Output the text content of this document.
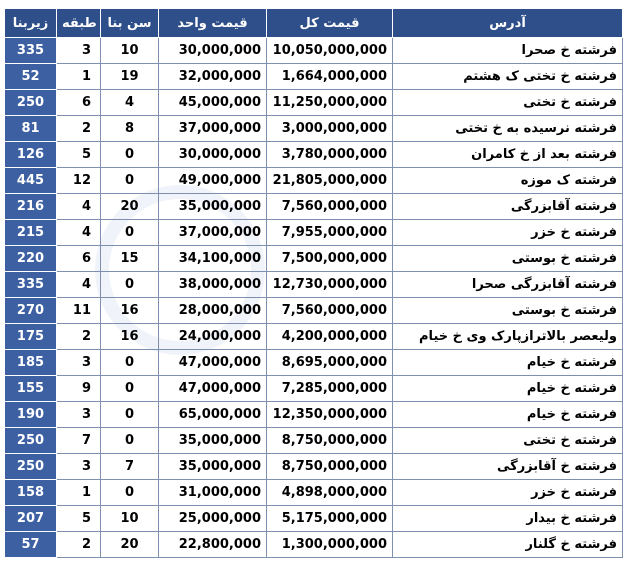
زیربنا	طبقه	سن بنا	قیمت واحد	قیمت کل	آدرس
335	3	10	30,000,000	10,050,000,000	فرشته خ صحرا
52	1	19	32,000,000	1,664,000,000	فرشته خ تختی ک هشتم
250	6	4	45,000,000	11,250,000,000	فرشته خ تختی
81	2	8	37,000,000	3,000,000,000	فرشته نرسیده به خ تختی
126	5	0	30,000,000	3,780,000,000	فرشته بعد از خ کامران
445	12	0	49,000,000	21,805,000,000	فرشته ک موزه
216	4	20	35,000,000	7,560,000,000	فرشته آقابزرگی
215	4	0	37,000,000	7,955,000,000	فرشته خ خزر
220	6	15	34,100,000	7,500,000,000	فرشته خ بوستی
335	4	0	38,000,000	12,730,000,000	فرشته آقابزرگی صحرا
270	11	16	28,000,000	7,560,000,000	فرشته خ بوستی
175	2	16	24,000,000	4,200,000,000	ولیعصر بالاترازپارک وی خ خیام
185	3	0	47,000,000	8,695,000,000	فرشته خ خیام
155	9	0	47,000,000	7,285,000,000	فرشته خ خیام
190	3	0	65,000,000	12,350,000,000	فرشته خ خیام
250	7	0	35,000,000	8,750,000,000	فرشته خ تختی
250	3	7	35,000,000	8,750,000,000	فرشته خ آقابزرگی
158	1	0	31,000,000	4,898,000,000	فرشته خ خزر
207	5	10	25,000,000	5,175,000,000	فرشته خ بیدار
57	2	20	22,800,000	1,300,000,000	فرشته خ گلنار
